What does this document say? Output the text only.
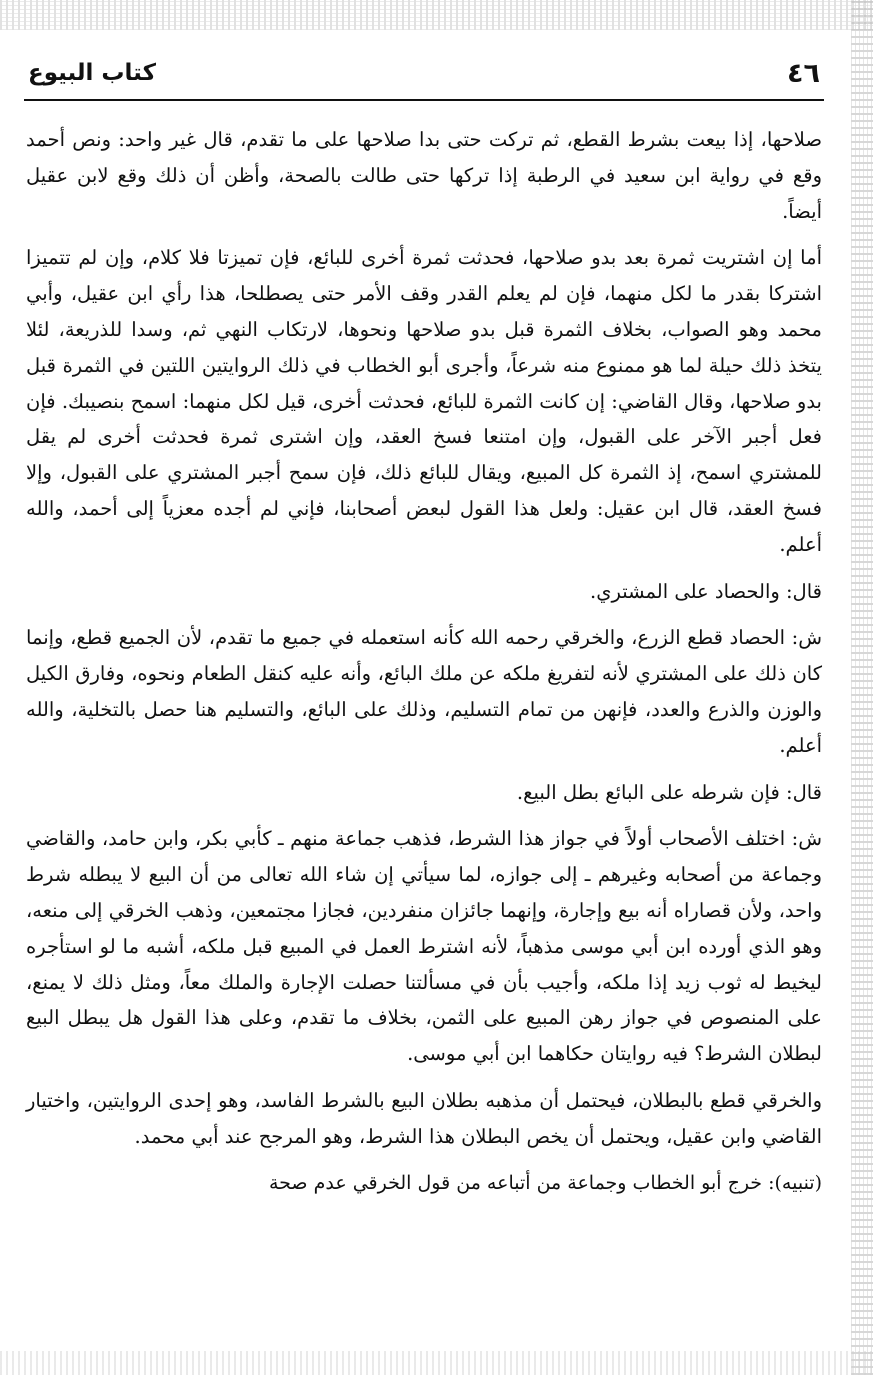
٤٦
كتاب البيوع

صلاحها، إذا بيعت بشرط القطع، ثم تركت حتى بدا صلاحها على ما تقدم، قال غير واحد: ونص أحمد وقع في رواية ابن سعيد في الرطبة إذا تركها حتى طالت بالصحة، وأظن أن ذلك وقع لابن عقيل أيضاً.

أما إن اشتريت ثمرة بعد بدو صلاحها، فحدثت ثمرة أخرى للبائع، فإن تميزتا فلا كلام، وإن لم تتميزا اشتركا بقدر ما لكل منهما، فإن لم يعلم القدر وقف الأمر حتى يصطلحا، هذا رأي ابن عقيل، وأبي محمد وهو الصواب، بخلاف الثمرة قبل بدو صلاحها ونحوها، لارتكاب النهي ثم، وسدا للذريعة، لئلا يتخذ ذلك حيلة لما هو ممنوع منه شرعاً، وأجرى أبو الخطاب في ذلك الروايتين اللتين في الثمرة قبل بدو صلاحها، وقال القاضي: إن كانت الثمرة للبائع، فحدثت أخرى، قيل لكل منهما: اسمح بنصيبك. فإن فعل أجبر الآخر على القبول، وإن امتنعا فسخ العقد، وإن اشترى ثمرة فحدثت أخرى لم يقل للمشتري اسمح، إذ الثمرة كل المبيع، ويقال للبائع ذلك، فإن سمح أجبر المشتري على القبول، وإلا فسخ العقد، قال ابن عقيل: ولعل هذا القول لبعض أصحابنا، فإني لم أجده معزياً إلى أحمد، والله أعلم.

قال: والحصاد على المشتري.

ش: الحصاد قطع الزرع، والخرقي رحمه الله كأنه استعمله في جميع ما تقدم، لأن الجميع قطع، وإنما كان ذلك على المشتري لأنه لتفريغ ملكه عن ملك البائع، وأنه عليه كنقل الطعام ونحوه، وفارق الكيل والوزن والذرع والعدد، فإنهن من تمام التسليم، وذلك على البائع، والتسليم هنا حصل بالتخلية، والله أعلم.

قال: فإن شرطه على البائع بطل البيع.

ش: اختلف الأصحاب أولاً في جواز هذا الشرط، فذهب جماعة منهم ـ كأبي بكر، وابن حامد، والقاضي وجماعة من أصحابه وغيرهم ـ إلى جوازه، لما سيأتي إن شاء الله تعالى من أن البيع لا يبطله شرط واحد، ولأن قصاراه أنه بيع وإجارة، وإنهما جائزان منفردين، فجازا مجتمعين، وذهب الخرقي إلى منعه، وهو الذي أورده ابن أبي موسى مذهباً، لأنه اشترط العمل في المبيع قبل ملكه، أشبه ما لو استأجره ليخيط له ثوب زيد إذا ملكه، وأجيب بأن في مسألتنا حصلت الإجارة والملك معاً، ومثل ذلك لا يمنع، على المنصوص في جواز رهن المبيع على الثمن، بخلاف ما تقدم، وعلى هذا القول هل يبطل البيع لبطلان الشرط؟ فيه روايتان حكاهما ابن أبي موسى.

والخرقي قطع بالبطلان، فيحتمل أن مذهبه بطلان البيع بالشرط الفاسد، وهو إحدى الروايتين، واختيار القاضي وابن عقيل، ويحتمل أن يخص البطلان هذا الشرط، وهو المرجح عند أبي محمد.

(تنبيه): خرج أبو الخطاب وجماعة من أتباعه من قول الخرقي عدم صحة
